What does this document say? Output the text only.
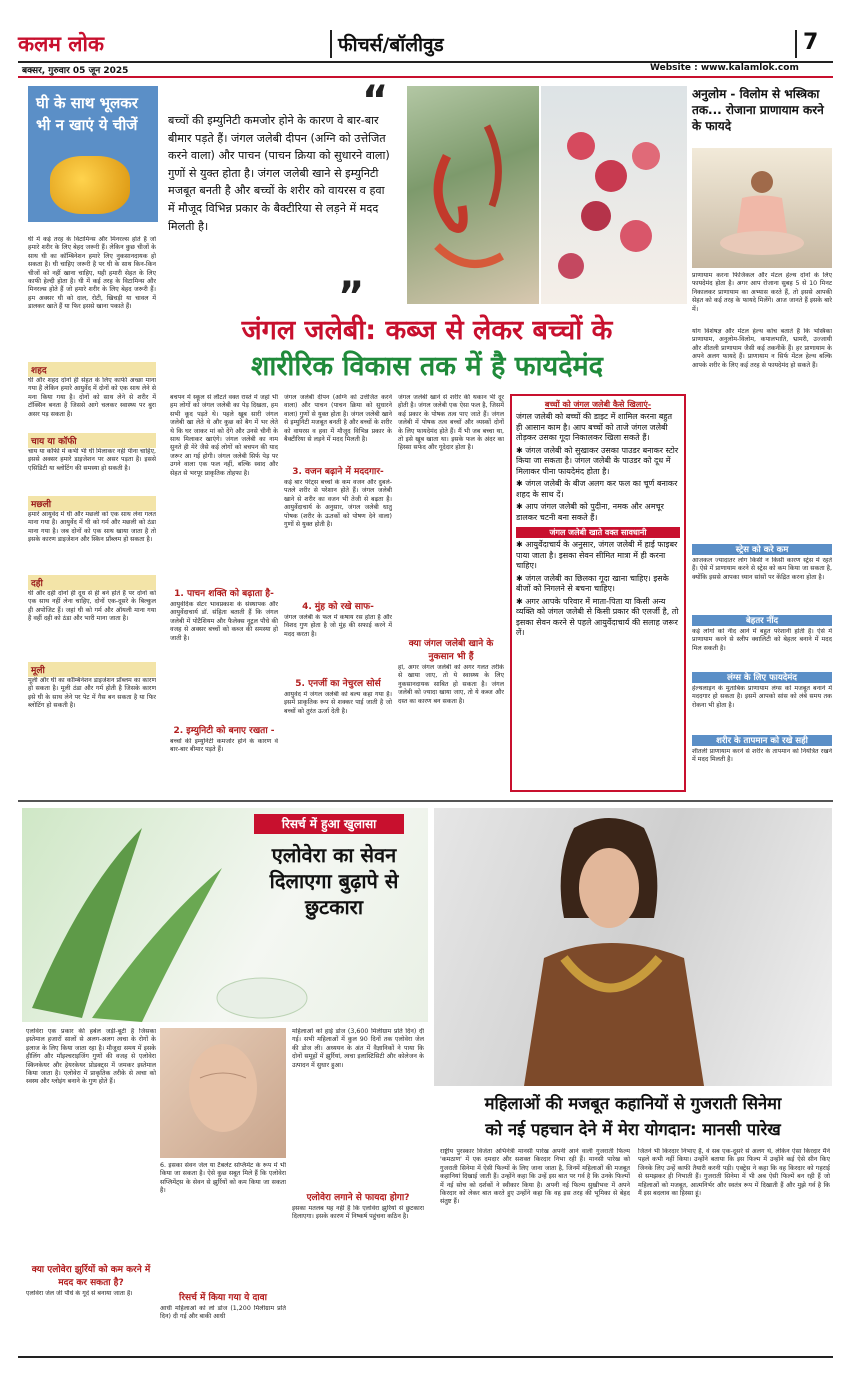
कलम लोक	फीचर्स/बॉलीवुड	7
बक्सर, गुरुवार 05 जून 2025	Website : www.kalamlok.com
घी के साथ भूलकर भी न खाएं ये चीजें
घी में कई तरह के विटामिन्स और मिनरल्स होते हैं जो हमारे शरीर के लिए बेहद जरूरी हैं। लेकिन कुछ चीजों के साथ घी का कॉम्बिनेशन हमारे लिए नुकसानदायक हो सकता है। घी चाहिए जरूरी है पर घी के साथ किन-किन चीजों को नहीं खाना चाहिए, यही हमारी सेहत के लिए काफी हेल्दी होता है। घी में कई तरह के विटामिन्स और मिनरल्स होते हैं जो हमारे शरीर के लिए बेहद जरूरी हैं। हम अक्सर घी को दाल, रोटी, खिचड़ी या चावल में डालकर खाते हैं या फिर इससे खाना पकाते हैं।
शहद
घी और शहद दोनों ही सेहत के लिए काफी अच्छा माना गया है लेकिन हमारे आयुर्वेद में दोनों को एक साथ लेने से मना किया गया है। दोनों को साथ लेने से शरीर में टॉक्सिन बनता है जिससे आगे चलकर स्वास्थ्य पर बुरा असर पड़ सकता है।
चाय या कॉफी
चाय या कॉफी में कभी भी घी मिलाकर नहीं पीना चाहिए, इससे अक्सर हमारे डाइजेशन पर असर पड़ता है। इससे एसिडिटी या ब्लोटिंग की समस्या हो सकती है।
मछली
हमारे आयुर्वेद में घी और मछली को एक साथ लेना गलत माना गया है। आयुर्वेद में घी को गर्म और मछली को ठंडा माना गया है। जब दोनों को एक साथ खाया जाता है तो इसके कारण डाइजेशन और स्किन प्रॉब्लम हो सकता है।
दही
घी और दही दोनों ही दूध से ही बने होते हैं पर दोनों को एक साथ नहीं लेना चाहिए, दोनों एक-दूसरे के बिल्कुल ही अपोजिट हैं। जहां घी को गर्म और ऑयली माना गया है वहीं दही को ठंडा और भारी माना जाता है।
मूली
मूली और घी का कॉम्बिनेशन डाइजेशन प्रॉब्लम का कारण हो सकता है। मूली ठंडा और गर्म होती है जिसके कारण इसे घी के साथ लेने पर पेट में गैस बन सकता है या फिर ब्लोटिंग हो सकती है।
“
बच्चों की इम्युनिटी कमजोर होने के कारण वे बार-बार बीमार पड़ते हैं। जंगल जलेबी दीपन (अग्नि को उत्तेजित करने वाला) और पाचन (पाचन क्रिया को सुधारने वाला) गुणों से युक्त होता है। जंगल जलेबी खाने से इम्युनिटी मजबूत बनती है और बच्चों के शरीर को वायरस व हवा में मौजूद विभिन्न प्रकार के बैक्टीरिया से लड़ने में मदद मिलती है।
”
जंगल जलेबी: कब्ज से लेकर बच्चों के
शारीरिक विकास तक में है फायदेमंद
बचपन में स्कूल से लौटते वक्त रास्ते में जहां भी हम लोगों को जंगल जलेबी का पेड़ दिखता, हम सभी कूद पड़ते थे। पहले खूब सारी जंगल जलेबी खा लेते थे और कुछ को बैग में भर लेते थे कि घर जाकर मां को देंगे और उनसे चीनी के साथ मिलाकर खाएंगे। जंगल जलेबी का नाम सुनते ही मेरे जैसे कई लोगों को बचपन की याद जरूर आ गई होगी। जंगल जलेबी सिर्फ पेड़ पर उगने वाला एक फल नहीं, बल्कि स्वाद और सेहत से भरपूर प्राकृतिक तोहफा है।
1. पाचन शक्ति को बढ़ाता है-
आयुर्वेदिक सेंटर भावप्रकाश के संस्थापक और आयुर्वेदाचार्य डॉ. संहिता बताती हैं कि जंगल जलेबी में पोटैशियम और फैलेक्स नूट्रल पौधे की वजह से अक्सर बच्चों को कब्ज की समस्या हो जाती है।
2. इम्युनिटी को बनाए रखता -
बच्चों की इम्युनिटी कमजोर होने के कारण वे बार-बार बीमार पड़ते हैं।
जंगल जलेबी दीपन (अग्नि को उत्तेजित करने वाला) और पाचन (पाचन क्रिया को सुधारने वाला) गुणों से युक्त होता है। जंगल जलेबी खाने से इम्युनिटी मजबूत बनती है और बच्चों के शरीर को वायरस व हवा में मौजूद विभिन्न प्रकार के बैक्टीरिया से लड़ने में मदद मिलती है।
3. वजन बढ़ाने में मददगार-
कई बार पेरेंट्स बच्चों के कम वजन और दुबले-पतले शरीर से परेशान होते हैं। जंगल जलेबी खाने से शरीर का वजन भी तेजी से बढ़ता है। आयुर्वेदाचार्य के अनुसार, जंगल जलेबी धातु पोषक (शरीर के ऊतकों को पोषण देने वाला) गुणों से युक्त होती है।
4. मुंह को रखे साफ-
जंगल जलेबी के फल में कषाय रस होता है और विशद गुण होता है जो मुंह की सफाई करने में मदद करता है।
5. एनर्जी का नेचुरल सोर्स
आयुर्वेद में जंगल जलेबी को बल्य कहा गया है। इसमें प्राकृतिक रूप से शक्कर पाई जाती है जो बच्चों को तुरंत ऊर्जा देती है।
जंगल जलेबी खाने से शरीर की थकान भी दूर होती है। जंगल जलेबी एक ऐसा फल है, जिसमें कई प्रकार के पोषक तत्व पाए जाते हैं। जंगल जलेबी में पोषक तत्व बच्चों और व्यस्कों दोनों के लिए फायदेमंद होते हैं। मैं भी जब बच्चा था, तो इसे खूब खाता था। इसके फल के अंदर का हिस्सा सफेद और गूदेदार होता है।
क्या जंगल जलेबी खाने के नुकसान भी हैं
हां, अगर जंगल जलेबी को अगर गलत तरीके से खाया जाए, तो ये स्वास्थ्य के लिए नुकसानदायक साबित हो सकता है। जंगल जलेबी को ज्यादा खाया जाए, तो ये कब्ज और दस्त का कारण बन सकता है।
बच्चों को जंगल जलेबी कैसे खिलाएं-
जंगल जलेबी को बच्चों की डाइट में शामिल करना बहुत ही आसान काम है। आप बच्चों को ताजे जंगल जलेबी तोड़कर उसका गूदा निकालकर खिला सकते हैं।
✱ जंगल जलेबी को सुखाकर उसका पाउडर बनाकर स्टोर किया जा सकता है। जंगल जलेबी के पाउडर को दूध में मिलाकर पीना फायदेमंद होता है।
✱ जंगल जलेबी के बीज अलग कर फल का चूर्ण बनाकर शहद के साथ दें।
✱ आप जंगल जलेबी को पुदीना, नमक और अमचूर डालकर चटनी बना सकते हैं।
जंगल जलेबी खाते वक्त सावधानी
✱ आयुर्वेदाचार्य के अनुसार, जंगल जलेबी में हाई फाइबर पाया जाता है। इसका सेवन सीमित मात्रा में ही करना चाहिए।
✱ जंगल जलेबी का छिलका गूदा खाना चाहिए। इसके बीजों को निगलने से बचना चाहिए।
✱ अगर आपके परिवार में माता-पिता या किसी अन्य व्यक्ति को जंगल जलेबी से किसी प्रकार की एलर्जी है, तो इसका सेवन करने से पहले आयुर्वेदाचार्य की सलाह जरूर लें।
अनुलोम - विलोम से भस्त्रिका तक... रोजाना प्राणायाम करने के फायदे
प्राणायाम करना फिजिकल और मेंटल हेल्थ दोनों के लिए फायदेमंद होता है। अगर आप रोजाना सुबह 5 से 10 मिनट निकालकर प्राणायाम का अभ्यास करते हैं, तो इससे आपकी सेहत को कई तरह के फायदे मिलेंगे। आज जानते हैं इसके बारे में।
योग विशेषज्ञ और मेंटल हेल्थ कोच बताते हैं कि भस्त्रिका प्राणायाम, अनुलोम-विलोम, कपालभाति, भ्रामरी, उज्जायी और शीतली प्राणायाम जैसी कई तकनीकें हैं। हर प्राणायाम के अपने अलग फायदे हैं। प्राणायाम न सिर्फ मेंटल हेल्थ बल्कि आपके शरीर के लिए कई तरह से फायदेमंद हो सकते हैं।
स्ट्रेस को करे कम
आजकल ज्यादातर लोग किसी न किसी कारण स्ट्रेस में रहते हैं। ऐसे में प्राणायाम करने से स्ट्रेस को कम किया जा सकता है, क्योंकि इससे आपका ध्यान सांसों पर केंद्रित करना होता है।
बेहतर नींद
कई लोगों को नींद आने में बहुत परेशानी होती है। ऐसे में प्राणायाम करने से स्लीप क्वालिटी को बेहतर बनाने में मदद मिल सकती है।
लंग्स के लिए फायदेमंद
हेल्थलाइन के मुताबिक प्राणायाम लंग्स को मजबूत बनाने में मददगार हो सकता है। इसमें आपको सांस को लंबे समय तक रोकना भी होता है।
शरीर के तापमान को रखे सही
शीतली प्राणायाम करने से शरीर के तापमान को नियंत्रित रखने में मदद मिलती है।
रिसर्च में हुआ खुलासा
एलोवेरा का सेवन दिलाएगा बुढ़ापे से छुटकारा
एलोवेरा एक प्रकार की हर्बल जड़ी-बूटी है जिसका इस्तेमाल हजारों सालों से अलग-अलग त्वचा के रोगों के इलाज के लिए किया जाता रहा है। मौजूदा समय में इसके हीलिंग और मॉइश्चराइजिंग गुणों की वजह से एलोवेरा स्किनकेयर और हेयरकेयर प्रोडक्ट्स में जमकर इस्तेमाल किया जाता है। एलोवेरा में प्राकृतिक तरीके से त्वचा को स्वस्थ और ग्लोइंग बनाने के गुण होते हैं।
क्या एलोवेरा झुर्रियों को कम करने में मदद कर सकता है?
एलोवेरा जेल जी पौधे के गूदे से बनाया जाता है।
6. इसका सेवन जेल या टैबलेट सप्लिमेंट के रूप में भी किया जा सकता है। ऐसे कुछ सबूत मिले हैं कि एलोवेरा सप्लिमेंट्स के सेवन से झुर्रियों को कम किया जा सकता है।
रिसर्च में किया गया ये दावा
आधी महिलाओं को लो डोज (1,200 मिलीग्राम प्रति दिन) दी गई और बाकी आधी
महिलाओं को हाई डोज (3,600 मिलीग्राम प्रति दिन) दी गई। सभी महिलाओं में कुल 90 दिनों तक एलोवेरा जेल की डोज ली। अध्ययन के अंत में वैज्ञानिकों ने पाया कि दोनों समूहों में झुर्रियां, त्वचा इलास्टिसिटी और कोलेजन के उत्पादन में सुधार हुआ।
एलोवेरा लगाने से फायदा होगा?
इसका मतलब यह नहीं है कि एलोवेरा झुर्रियों से छुटकारा दिलाएगा। इसके कारण में निष्कर्ष पहुंचना कठिन है।
महिलाओं की मजबूत कहानियों से गुजराती सिनेमा
को नई पहचान देने में मेरा योगदान: मानसी पारेख
राष्ट्रीय पुरस्कार विजेता अभिनेत्री मानसी पारेख अपनी आने वाली गुजराती फिल्म 'कमठाण' में एक दमदार और सशक्त किरदार निभा रही हैं। मानसी पारेख को गुजराती सिनेमा में ऐसी फिल्मों के लिए जाना जाता है, जिनमें महिलाओं की मजबूत कहानियां दिखाई जाती हैं। उन्होंने कहा कि उन्हें इस बात पर गर्व है कि उनके फिल्मों में नई सोच को दर्शकों ने स्वीकार किया है। अपनी नई फिल्म सुखीभवः में अपने किरदार को लेकर बात करते हुए उन्होंने कहा कि वह इस तरह की भूमिका से बेहद संतुष्ट हैं।
जितने भी किरदार निभाए हैं, वे सब एक-दूसरे से अलग थे, लेकिन ऐसा किरदार मैंने पहले कभी नहीं किया। उन्होंने बताया कि इस फिल्म में उन्होंने कई ऐसे सीन किए जिनके लिए उन्हें काफी तैयारी करनी पड़ी। एक्ट्रेस ने कहा कि वह किरदार को गहराई से समझकर ही निभाती हैं। गुजराती सिनेमा में भी अब ऐसी फिल्में बन रही हैं जो महिलाओं को मजबूत, आत्मनिर्भर और स्वतंत्र रूप में दिखाती हैं और मुझे गर्व है कि मैं इस बदलाव का हिस्सा हूं।
